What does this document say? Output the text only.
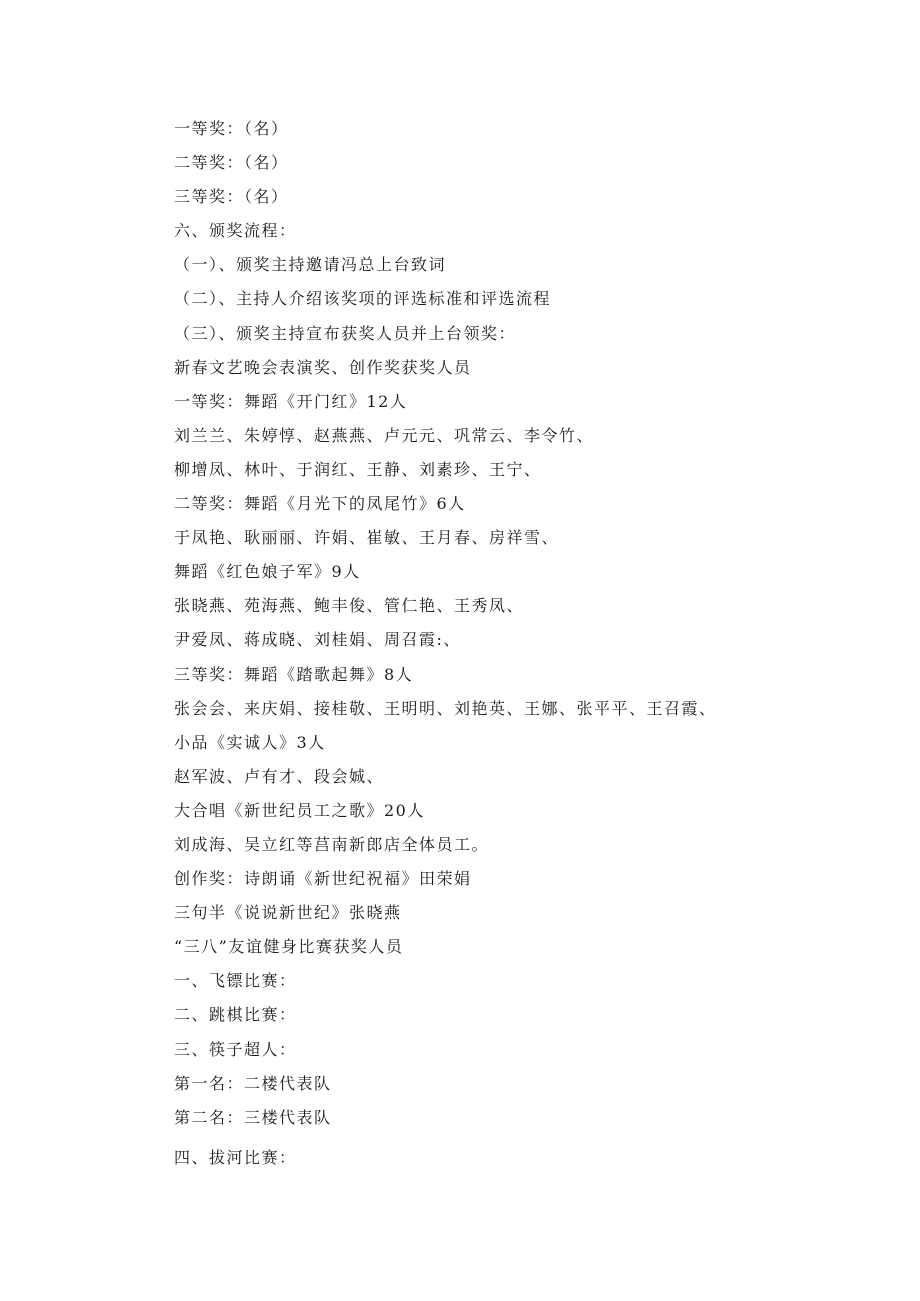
一等奖：（名）
二等奖：（名）
三等奖：（名）
六、颁奖流程：
（一）、颁奖主持邀请冯总上台致词
（二）、主持人介绍该奖项的评选标准和评选流程
（三）、颁奖主持宣布获奖人员并上台领奖：
新春文艺晚会表演奖、创作奖获奖人员
一等奖：舞蹈《开门红》12人
刘兰兰、朱婷惇、赵燕燕、卢元元、巩常云、李令竹、
柳增凤、林叶、于润红、王静、刘素珍、王宁、
二等奖：舞蹈《月光下的凤尾竹》6人
于凤艳、耿丽丽、许娟、崔敏、王月春、房祥雪、
舞蹈《红色娘子军》9人
张晓燕、苑海燕、鲍丰俊、管仁艳、王秀凤、
尹爱凤、蒋成晓、刘桂娟、周召霞:、
三等奖：舞蹈《踏歌起舞》8人
张会会、来庆娟、接桂敬、王明明、刘艳英、王娜、张平平、王召霞、
小品《实诚人》3人
赵军波、卢有才、段会娍、
大合唱《新世纪员工之歌》20人
刘成海、吴立红等莒南新郎店全体员工。
创作奖：诗朗诵《新世纪祝福》田荣娟
三句半《说说新世纪》张晓燕
“三八”友谊健身比赛获奖人员
一、飞镖比赛：
二、跳棋比赛：
三、筷子超人：
第一名：二楼代表队
第二名：三楼代表队
四、拔河比赛：
